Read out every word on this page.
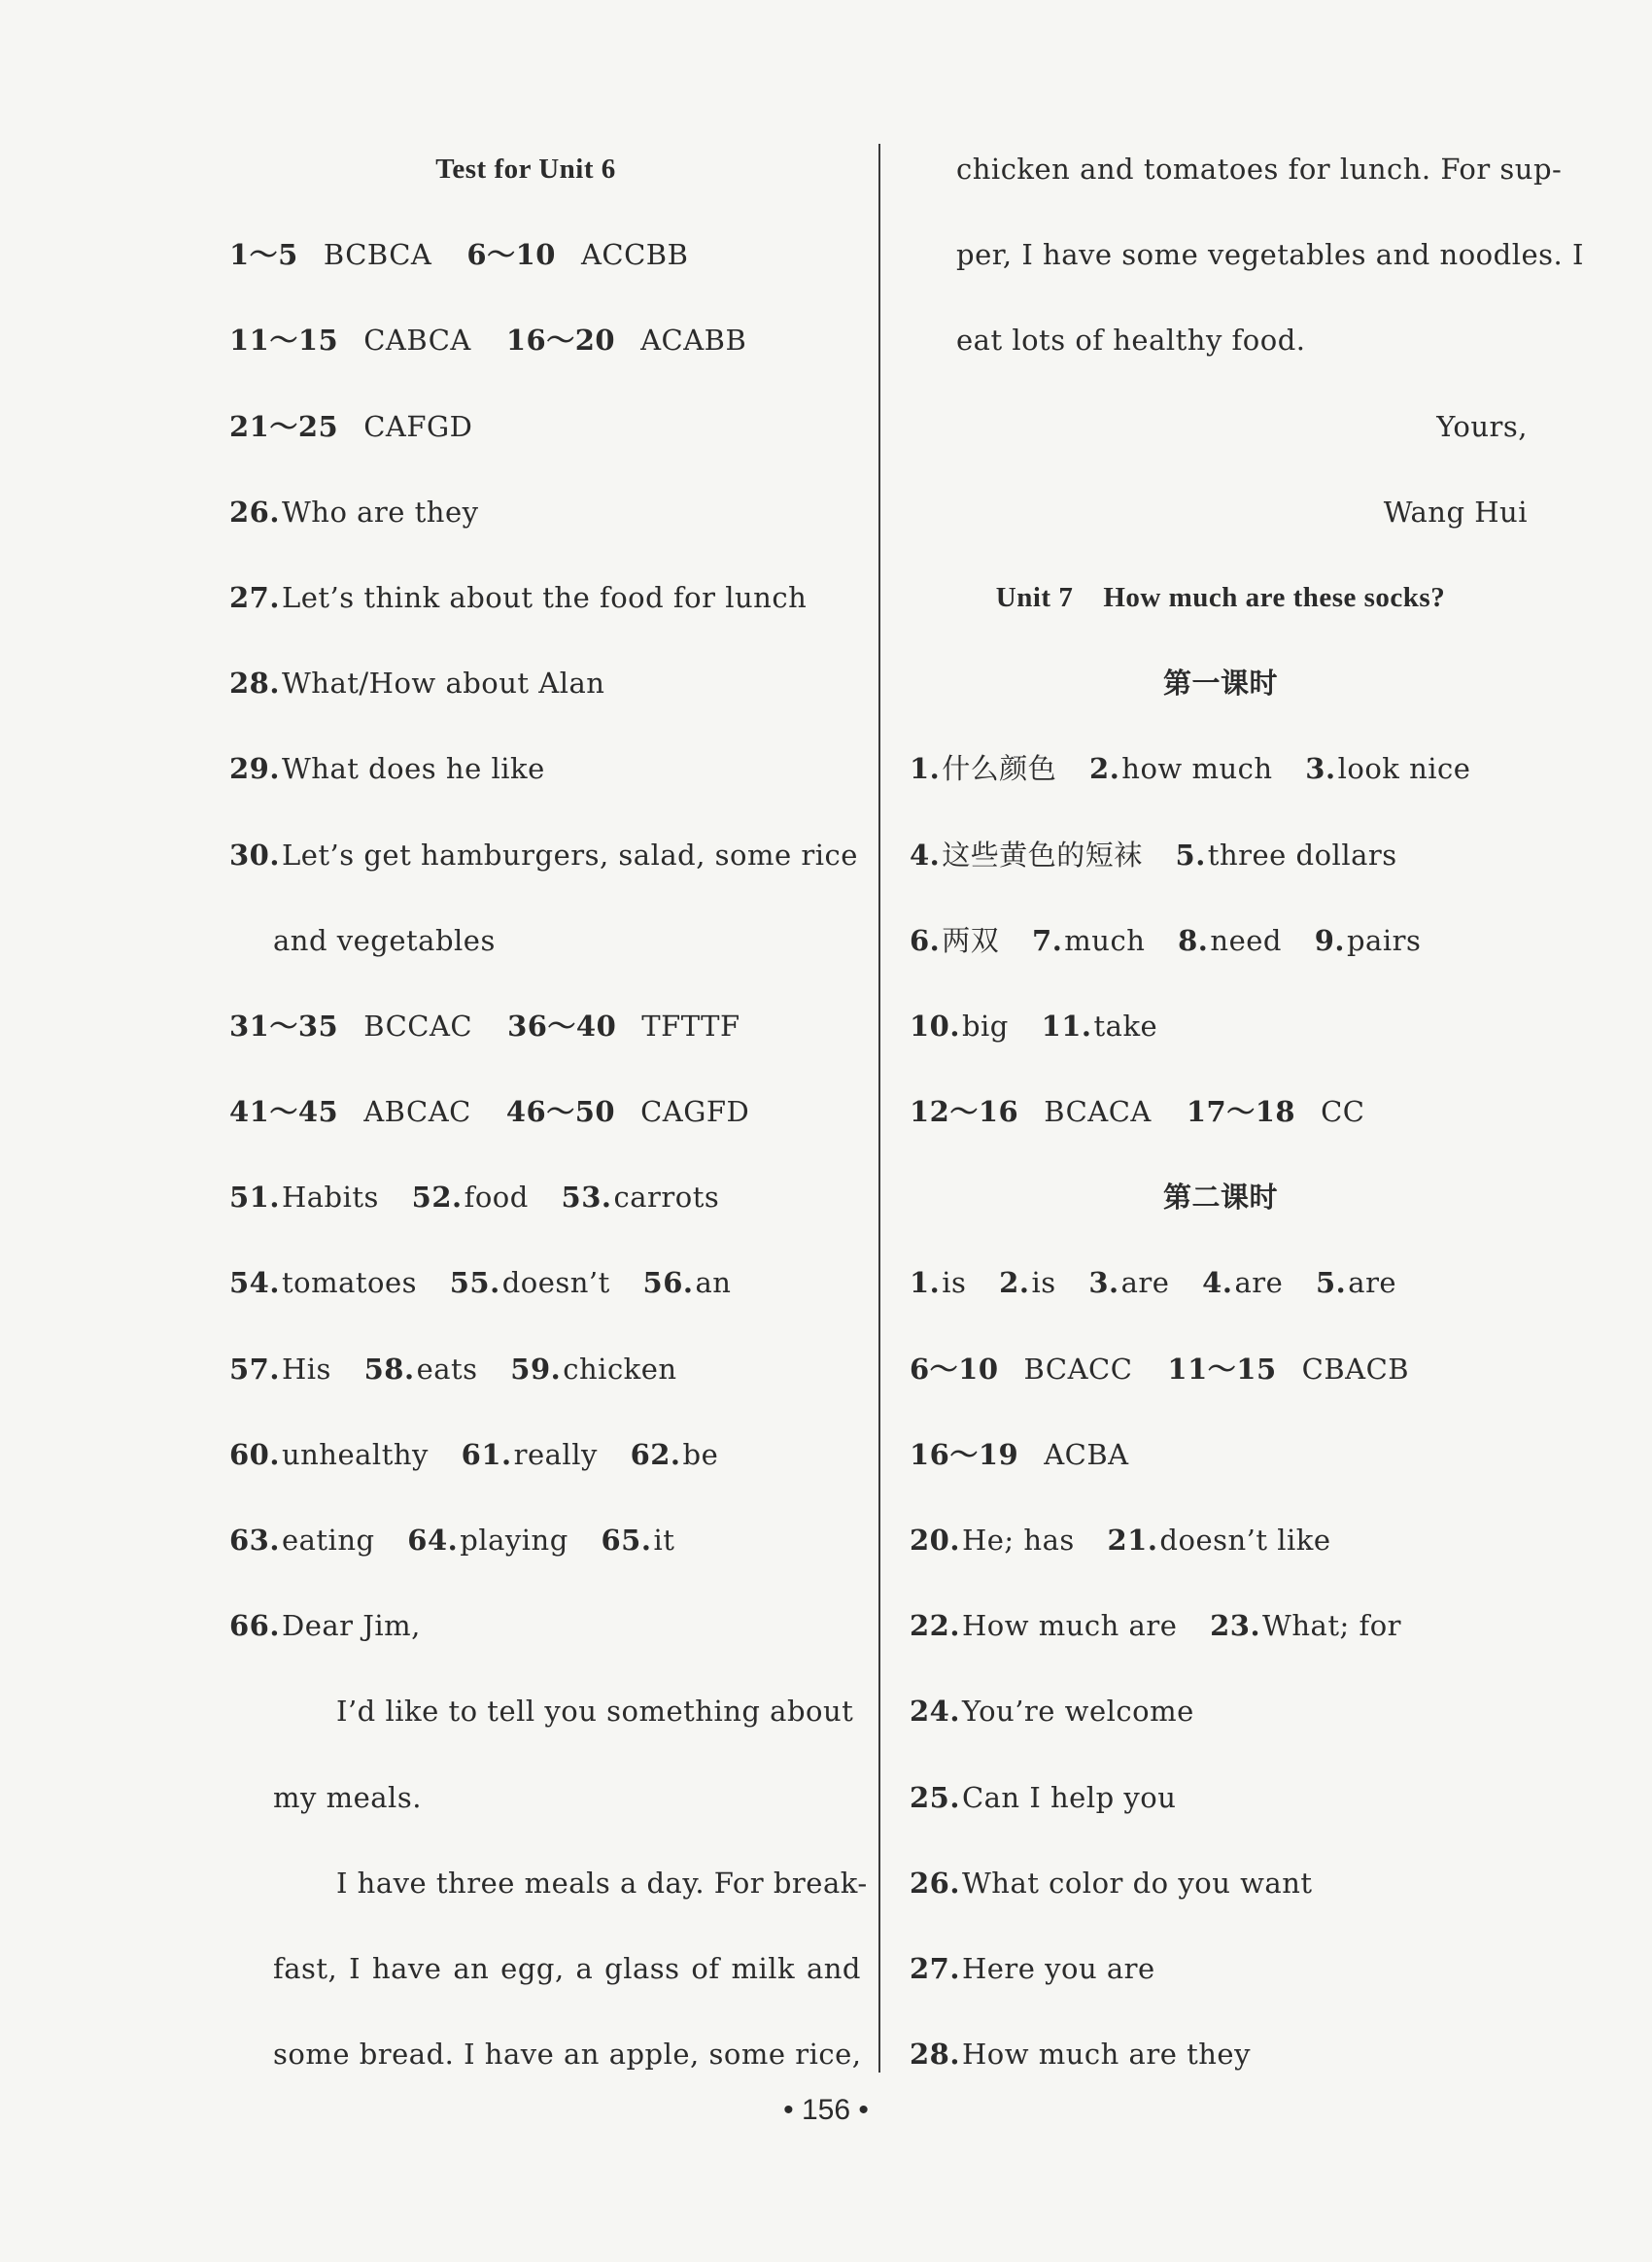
Test for Unit 6
1～5 BCBCA 6～10 ACCBB
11～15 CABCA 16～20 ACABB
21～25 CAFGD
26.Who are they
27.Let’s think about the food for lunch
28.What/How about Alan
29.What does he like
30.Let’s get hamburgers, salad, some rice
and vegetables
31～35 BCCAC 36～40 TFTTF
41～45 ABCAC 46～50 CAGFD
51.Habits 52.food 53.carrots
54.tomatoes 55.doesn’t 56.an
57.His 58.eats 59.chicken
60.unhealthy 61.really 62.be
63.eating 64.playing 65.it
66.Dear Jim,
I’d like to tell you something about
my meals.
I have three meals a day. For break-
fast, I have an egg, a glass of milk and
some bread. I have an apple, some rice,
chicken and tomatoes for lunch. For sup-
per, I have some vegetables and noodles. I
eat lots of healthy food.
Yours,
Wang Hui
Unit 7    How much are these socks?
第一课时
1.什么颜色 2.how much 3.look nice
4.这些黄色的短袜 5.three dollars
6.两双 7.much 8.need 9.pairs
10.big 11.take
12～16 BCACA 17～18 CC
第二课时
1.is 2.is 3.are 4.are 5.are
6～10 BCACC 11～15 CBACB
16～19 ACBA
20.He; has 21.doesn’t like
22.How much are 23.What; for
24.You’re welcome
25.Can I help you
26.What color do you want
27.Here you are
28.How much are they
• 156 •
